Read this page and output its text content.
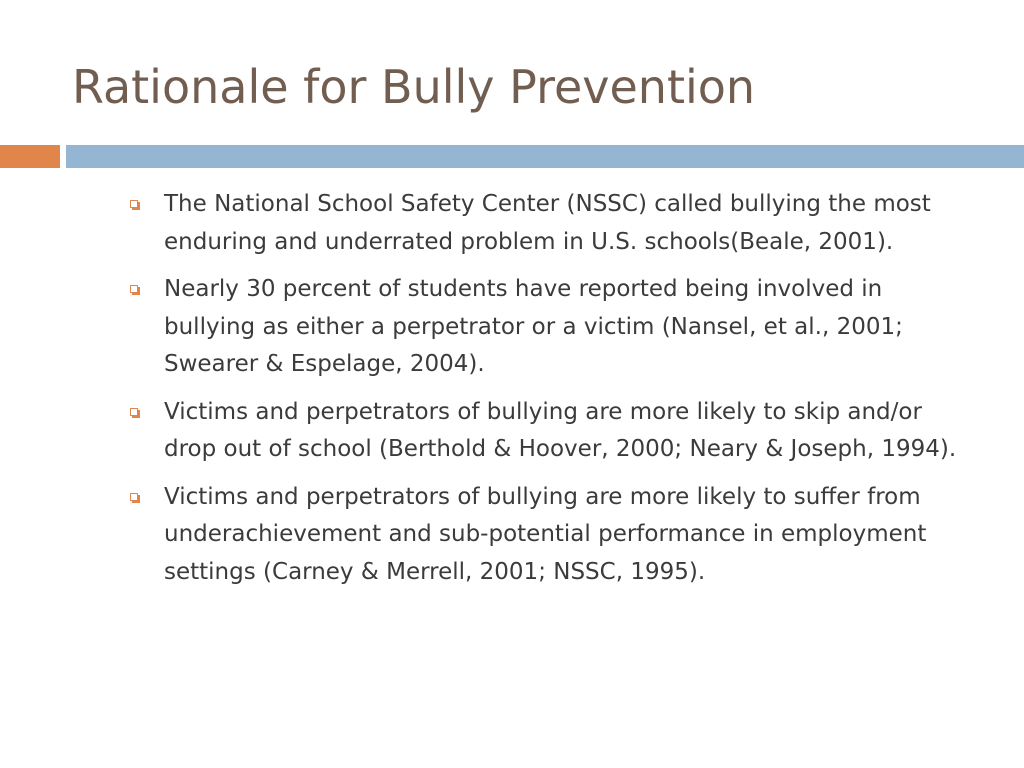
Rationale for Bully Prevention
The National School Safety Center (NSSC) called bullying the most enduring and underrated problem in U.S. schools(Beale, 2001).
Nearly 30 percent of students have reported being involved in bullying as either a perpetrator or a victim (Nansel, et al., 2001; Swearer & Espelage, 2004).
Victims and perpetrators of bullying are more likely to skip and/or drop out of school (Berthold & Hoover, 2000; Neary & Joseph, 1994).
Victims and perpetrators of bullying are more likely to suffer from underachievement and sub-potential performance in employment settings (Carney & Merrell, 2001; NSSC, 1995).
